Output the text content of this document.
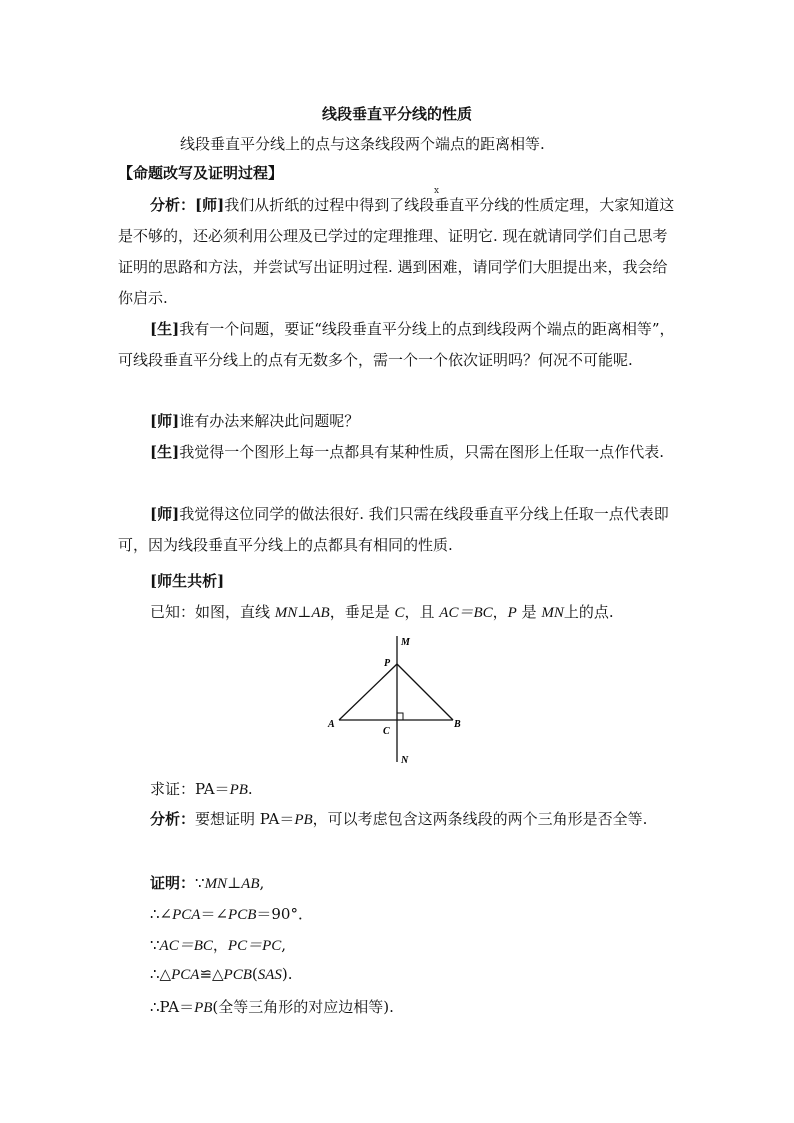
线段垂直平分线的性质
线段垂直平分线上的点与这条线段两个端点的距离相等.
【命题改写及证明过程】
x
分析：[师]我们从折纸的过程中得到了线段垂直平分线的性质定理，大家知道这是不够的，还必须利用公理及已学过的定理推理、证明它. 现在就请同学们自己思考证明的思路和方法，并尝试写出证明过程. 遇到困难，请同学们大胆提出来，我会给你启示.
[生]我有一个问题，要证“线段垂直平分线上的点到线段两个端点的距离相等”，可线段垂直平分线上的点有无数多个，需一个一个依次证明吗？何况不可能呢.
[师]谁有办法来解决此问题呢？
[生]我觉得一个图形上每一点都具有某种性质，只需在图形上任取一点作代表.
[师]我觉得这位同学的做法很好. 我们只需在线段垂直平分线上任取一点代表即可，因为线段垂直平分线上的点都具有相同的性质.
[师生共析]
已知：如图，直线 MN⊥AB，垂足是 C，且 AC＝BC，P 是 MN上的点.
M
P
A	B
C
N
求证：PA＝PB.
分析：要想证明 PA＝PB，可以考虑包含这两条线段的两个三角形是否全等.
证明：∵MN⊥AB,
∴∠PCA＝∠PCB＝90°．
∵AC＝BC，PC＝PC,
∴△PCA≌△PCB(SAS).
∴PA＝PB(全等三角形的对应边相等).
